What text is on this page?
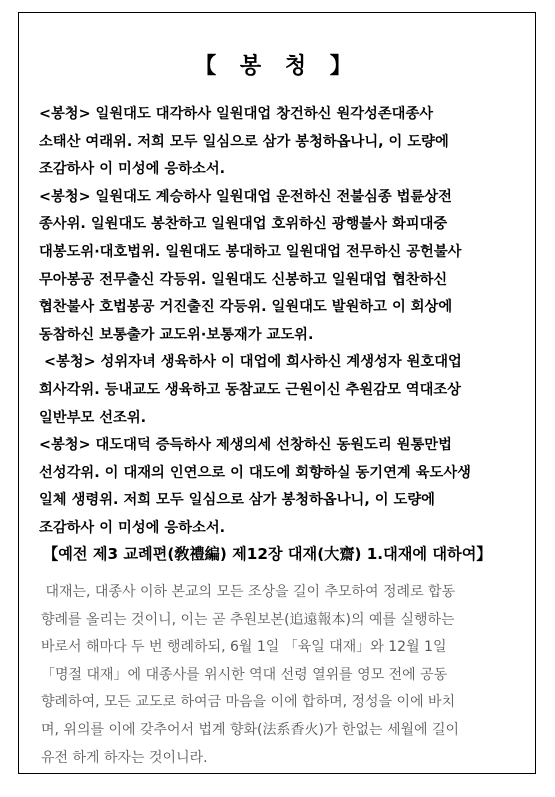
【 봉 청 】
<봉청> 일원대도 대각하사 일원대업 창건하신 원각성존대종사
소태산 여래위. 저희 모두 일심으로 삼가 봉청하옵나니, 이 도량에
조감하사 이 미성에 응하소서.
<봉청> 일원대도 계승하사 일원대업 운전하신 전불심종 법륜상전
종사위. 일원대도 봉찬하고 일원대업 호위하신 광행불사 화피대중
대봉도위·대호법위. 일원대도 봉대하고 일원대업 전무하신 공헌불사
무아봉공 전무출신 각등위. 일원대도 신봉하고 일원대업 협찬하신
협찬불사 호법봉공 거진출진 각등위. 일원대도 발원하고 이 회상에
동참하신 보통출가 교도위·보통재가 교도위.
<봉청> 성위자녀 생육하사 이 대업에 희사하신 계생성자 원호대업
희사각위. 등내교도 생육하고 동참교도 근원이신 추원감모 역대조상
일반부모 선조위.
<봉청> 대도대덕 증득하사 제생의세 선창하신 동원도리 원통만법
선성각위. 이 대재의 인연으로 이 대도에 회향하실 동기연계 육도사생
일체 생령위. 저희 모두 일심으로 삼가 봉청하옵나니, 이 도량에
조감하사 이 미성에 응하소서.
【예전 제3 교례편(敎禮編) 제12장 대재(大齋) 1.대재에 대하여】
대재는, 대종사 이하 본교의 모든 조상을 길이 추모하여 정례로 합동
향례를 올리는 것이니, 이는 곧 추원보본(追遠報本)의 예를 실행하는
바로서 해마다 두 번 행례하되, 6월 1일 「육일 대재」와 12월 1일
「명절 대재」에 대종사를 위시한 역대 선령 열위를 영모 전에 공동
향례하여, 모든 교도로 하여금 마음을 이에 합하며, 정성을 이에 바치
며, 위의를 이에 갖추어서 법계 향화(法系香火)가 한없는 세월에 길이
유전 하게 하자는 것이니라.
